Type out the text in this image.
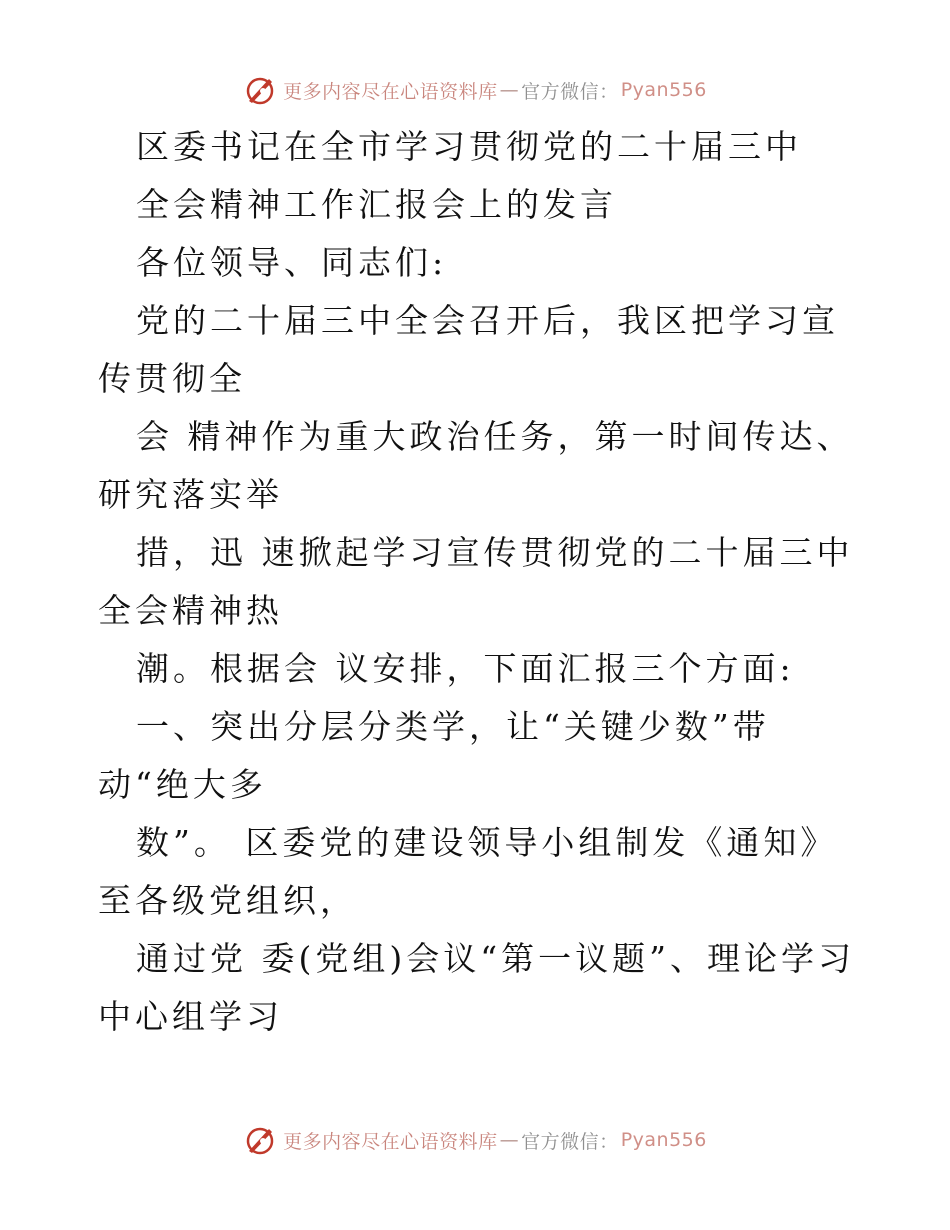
更多内容尽在心语资料库 — 官方微信： Pyan556

区委书记在全市学习贯彻党的二十届三中

全会精神工作汇报会上的发言

各位领导、同志们:

党的二十届三中全会召开后，我区把学习宣传贯彻全

会 精神作为重大政治任务，第一时间传达、研究落实举

措，迅 速掀起学习宣传贯彻党的二十届三中全会精神热

潮。根据会 议安排，下面汇报三个方面:

一、突出分层分类学，让“关键少数”带动“绝大多

数”。 区委党的建设领导小组制发《通知》至各级党组织，

通过党 委(党组)会议“第一议题”、理论学习中心组学习

更多内容尽在心语资料库 — 官方微信： Pyan556
